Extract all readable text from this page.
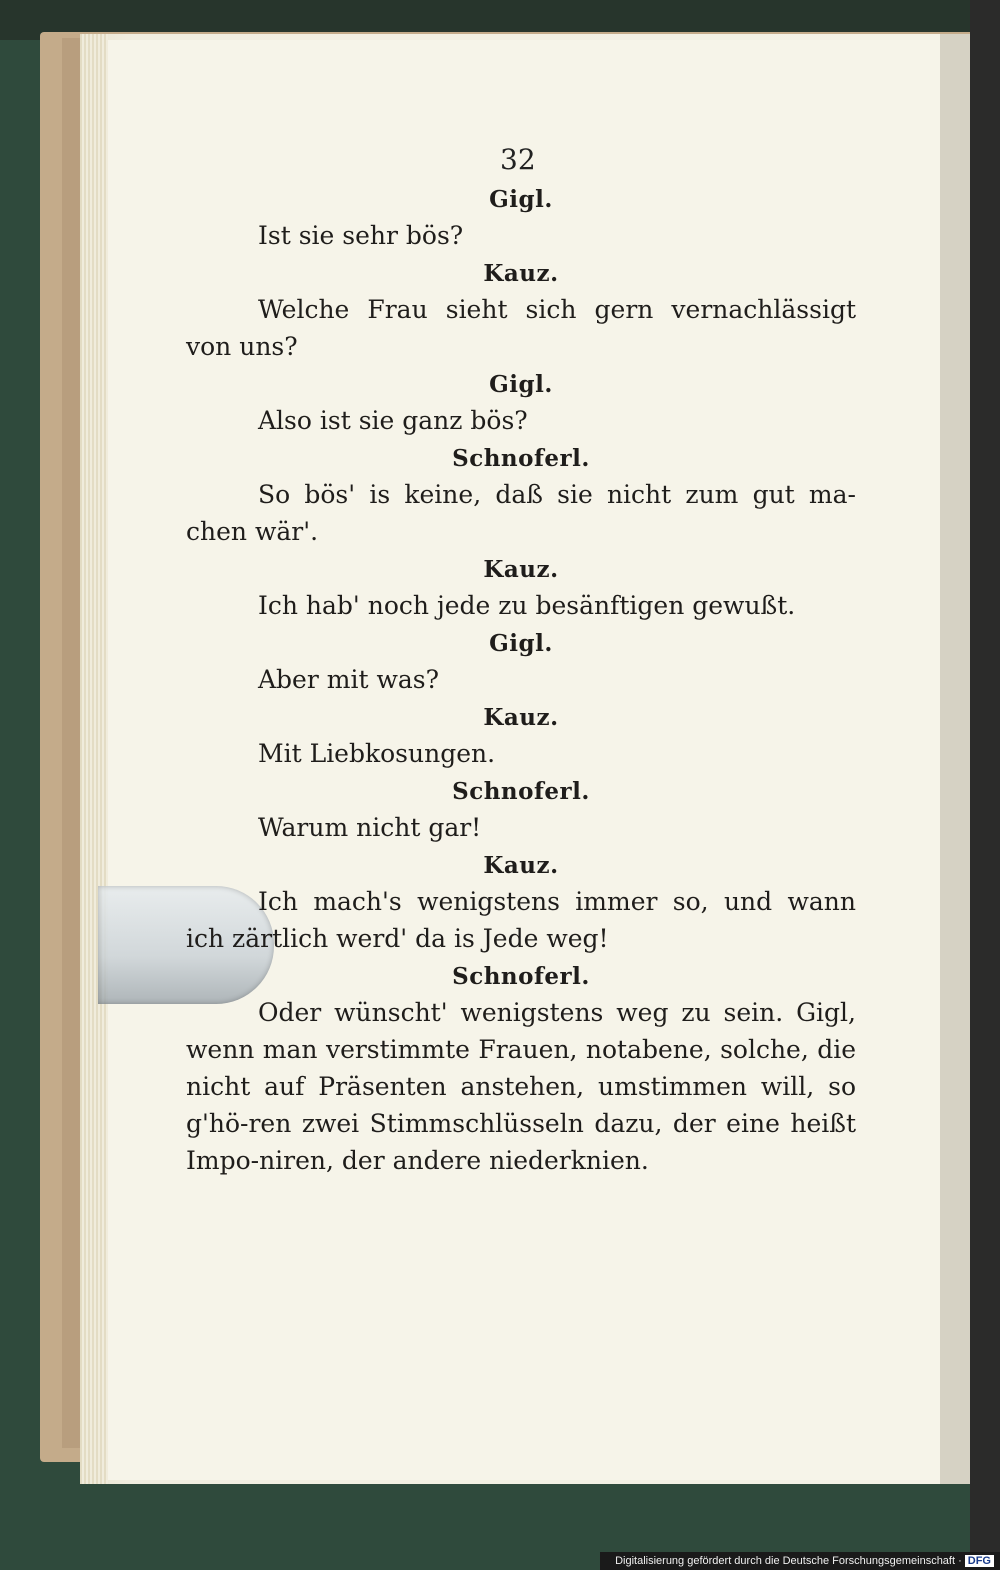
32
Gigl.
Ist sie sehr bös?
Kauz.
Welche Frau sieht sich gern vernachlässigt von uns?
Gigl.
Also ist sie ganz bös?
Schnoferl.
So bös' is keine, daß sie nicht zum gut ma-chen wär'.
Kauz.
Ich hab' noch jede zu besänftigen gewußt.
Gigl.
Aber mit was?
Kauz.
Mit Liebkosungen.
Schnoferl.
Warum nicht gar!
Kauz.
Ich mach's wenigstens immer so, und wann ich zärtlich werd' da is Jede weg!
Schnoferl.
Oder wünscht' wenigstens weg zu sein. Gigl, wenn man verstimmte Frauen, notabene, solche, die nicht auf Präsenten anstehen, umstimmen will, so g'hö-ren zwei Stimmschlüsseln dazu, der eine heißt Impo-niren, der andere niederknien.
Digitalisierung gefördert durch die Deutsche Forschungsgemeinschaft · DFG
